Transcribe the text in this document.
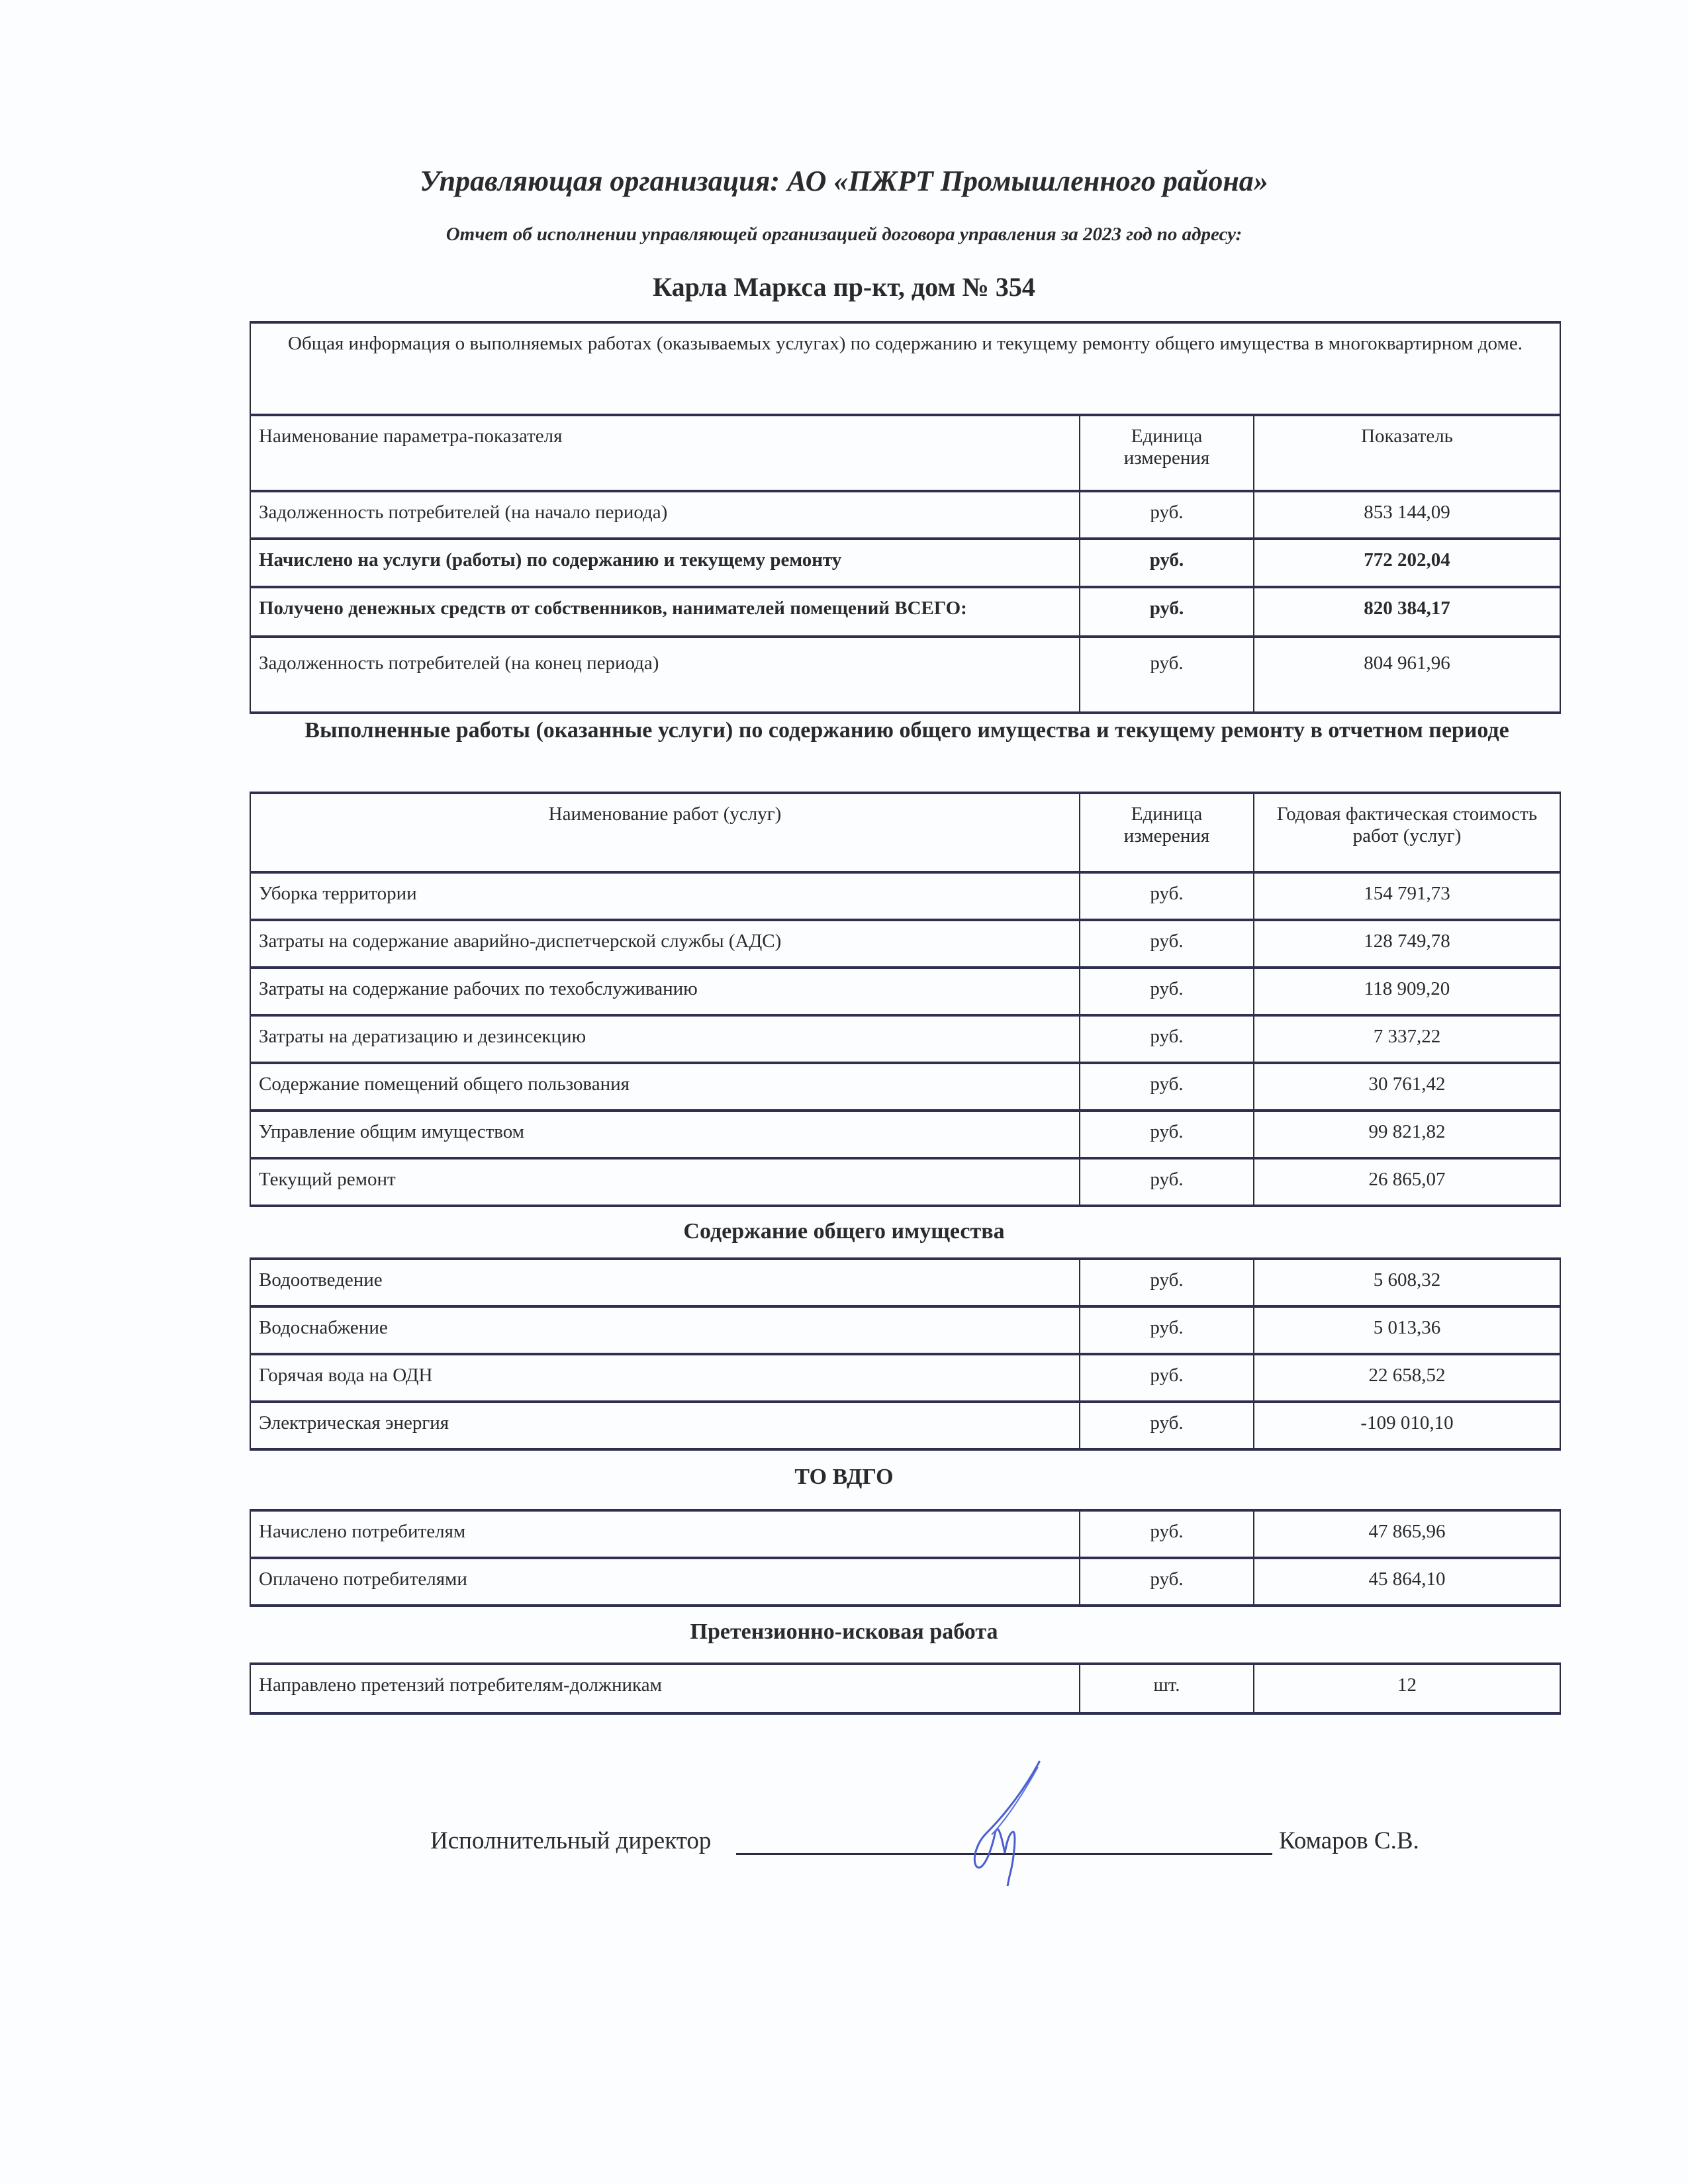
Управляющая организация: АО «ПЖРТ Промышленного района»
Отчет об исполнении управляющей организацией договора управления за 2023 год по адресу:
Карла Маркса пр-кт, дом № 354
Общая информация о выполняемых работах (оказываемых услугах) по содержанию и текущему ремонту общего имущества в многоквартирном доме.		
Наименование параметра-показателя	Единица измерения	Показатель
Задолженность потребителей (на начало периода)	руб.	853 144,09
Начислено на услуги (работы) по содержанию и текущему ремонту	руб.	772 202,04
Получено денежных средств от собственников, нанимателей помещений ВСЕГО:	руб.	820 384,17
Задолженность потребителей (на конец периода)	руб.	804 961,96
Выполненные работы (оказанные услуги) по содержанию общего имущества и текущему ремонту в отчетном периоде
Наименование работ (услуг)	Единица измерения	Годовая фактическая стоимость работ (услуг)
Уборка территории	руб.	154 791,73
Затраты на содержание аварийно-диспетчерской службы (АДС)	руб.	128 749,78
Затраты на содержание рабочих по техобслуживанию	руб.	118 909,20
Затраты на дератизацию и дезинсекцию	руб.	7 337,22
Содержание помещений общего пользования	руб.	30 761,42
Управление общим имуществом	руб.	99 821,82
Текущий ремонт	руб.	26 865,07
Содержание общего имущества
Водоотведение	руб.	5 608,32
Водоснабжение	руб.	5 013,36
Горячая вода на ОДН	руб.	22 658,52
Электрическая энергия	руб.	-109 010,10
ТО ВДГО
Начислено потребителям	руб.	47 865,96
Оплачено потребителями	руб.	45 864,10
Претензионно-исковая работа
Направлено претензий потребителям-должникам	шт.	12
Исполнительный директор	Комаров С.В.
